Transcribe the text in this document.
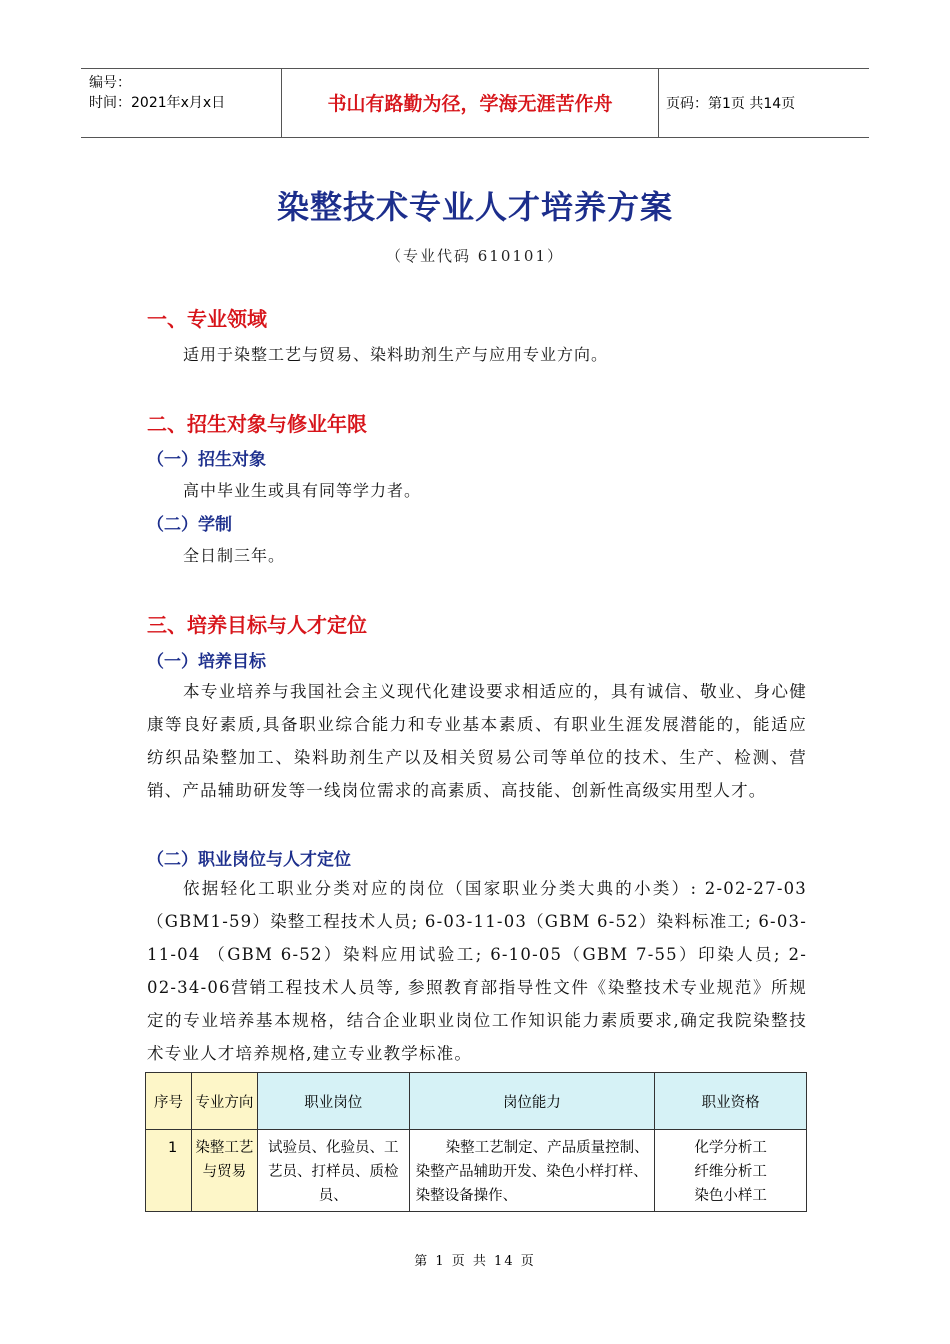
编号：
时间：2021年x月x日	书山有路勤为径，学海无涯苦作舟	页码：第1页 共14页
染整技术专业人才培养方案
（专业代码 610101）
一、专业领域
适用于染整工艺与贸易、染料助剂生产与应用专业方向。
二、招生对象与修业年限
（一）招生对象
高中毕业生或具有同等学力者。
（二）学制
全日制三年。
三、培养目标与人才定位
（一）培养目标

本专业培养与我国社会主义现代化建设要求相适应的，具有诚信、敬业、身心健康等良好素质,具备职业综合能力和专业基本素质、有职业生涯发展潜能的，能适应纺织品染整加工、染料助剂生产以及相关贸易公司等单位的技术、生产、检测、营销、产品辅助研发等一线岗位需求的高素质、高技能、创新性高级实用型人才。

（二）职业岗位与人才定位

依据轻化工职业分类对应的岗位（国家职业分类大典的小类）: 2-02-27-03（GBM1-59）染整工程技术人员; 6-03-11-03（GBM 6-52）染料标准工; 6-03-11-04 （GBM 6-52）染料应用试验工; 6-10-05（GBM 7-55）印染人员; 2-02-34-06营销工程技术人员等, 参照教育部指导性文件《染整技术专业规范》所规定的专业培养基本规格，结合企业职业岗位工作知识能力素质要求,确定我院染整技术专业人才培养规格,建立专业教学标准。

序号	专业方向	职业岗位	岗位能力	职业资格
1	染整工艺与贸易	试验员、化验员、工艺员、打样员、质检员、	染整工艺制定、产品质量控制、染整产品辅助开发、染色小样打样、染整设备操作、	化学分析工
纤维分析工
染色小样工
第 1 页 共 14 页
